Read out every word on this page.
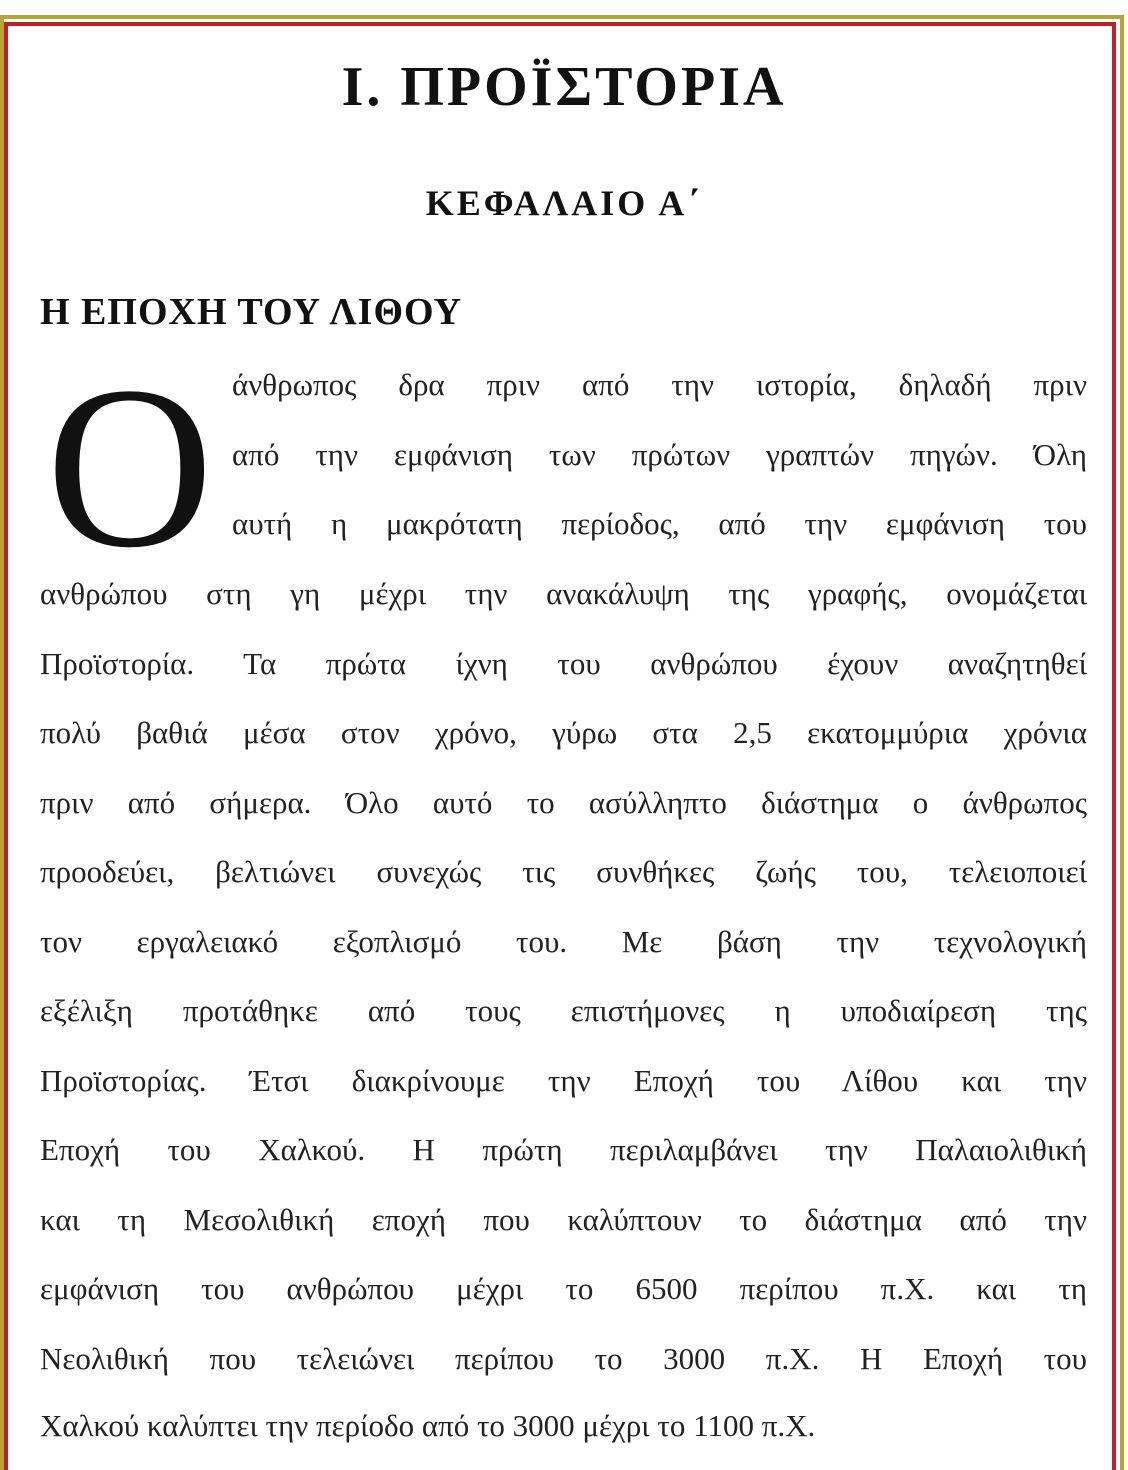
Ι. ΠΡΟΪΣΤΟΡΙΑ
ΚΕΦΑΛΑΙΟ Α΄
Η ΕΠΟΧΗ ΤΟΥ ΛΙΘΟΥ
Ο άνθρωπος δρα πριν από την ιστορία, δηλαδή πριν
από την εμφάνιση των πρώτων γραπτών πηγών. Όλη
αυτή η μακρότατη περίοδος, από την εμφάνιση του
ανθρώπου στη γη μέχρι την ανακάλυψη της γραφής, ονομάζεται
Προϊστορία. Τα πρώτα ίχνη του ανθρώπου έχουν αναζητηθεί
πολύ βαθιά μέσα στον χρόνο, γύρω στα 2,5 εκατομμύρια χρόνια
πριν από σήμερα. Όλο αυτό το ασύλληπτο διάστημα ο άνθρωπος
προοδεύει, βελτιώνει συνεχώς τις συνθήκες ζωής του, τελειοποιεί
τον εργαλειακό εξοπλισμό του. Με βάση την τεχνολογική
εξέλιξη προτάθηκε από τους επιστήμονες η υποδιαίρεση της
Προϊστορίας. Έτσι διακρίνουμε την Εποχή του Λίθου και την
Εποχή του Χαλκού. Η πρώτη περιλαμβάνει την Παλαιολιθική
και τη Μεσολιθική εποχή που καλύπτουν το διάστημα από την
εμφάνιση του ανθρώπου μέχρι το 6500 περίπου π.Χ. και τη
Νεολιθική που τελειώνει περίπου το 3000 π.Χ. Η Εποχή του
Χαλκού καλύπτει την περίοδο από το 3000 μέχρι το 1100 π.Χ.
